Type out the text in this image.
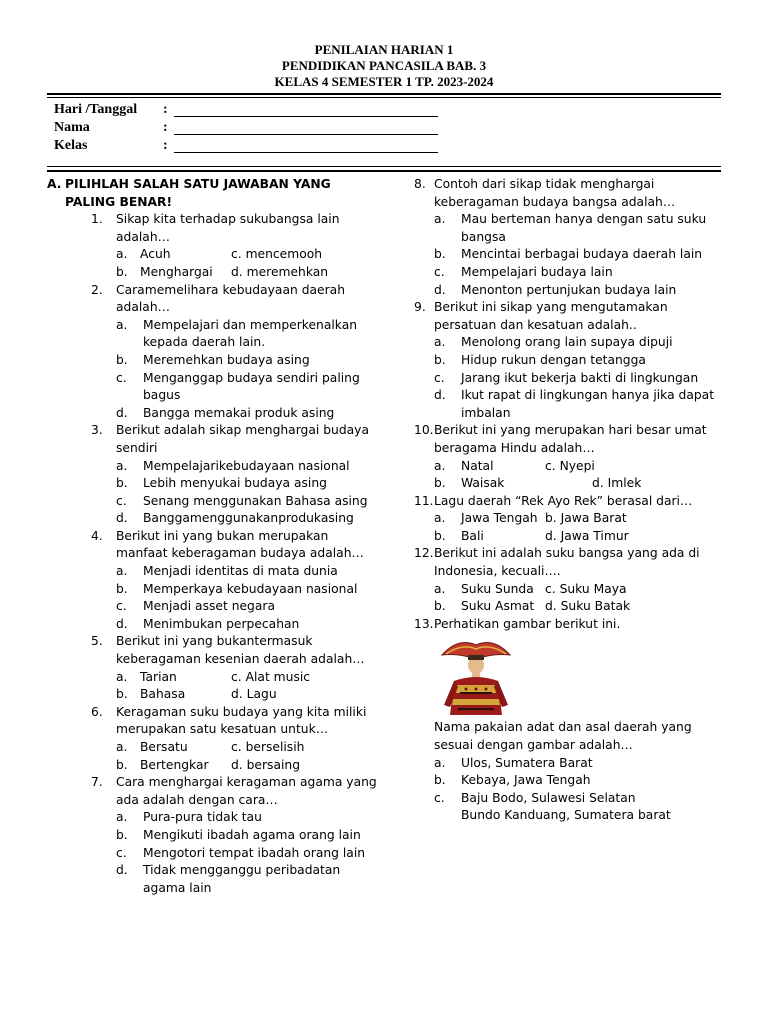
PENILAIAN HARIAN 1
PENDIDIKAN PANCASILA BAB. 3
KELAS 4 SEMESTER 1 TP. 2023-2024
Hari /Tanggal :
Nama	:
Kelas	:
A. PILIHLAH SALAH SATU JAWABAN YANG PALING BENAR!
1. Sikap kita terhadap sukubangsa lain adalah…
a. Acuh	c. mencemooh
b. Menghargai d. meremehkan
2. Caramemelihara kebudayaan daerah adalah…
a. Mempelajari dan memperkenalkan kepada daerah lain.
b. Meremehkan budaya asing
c. Menganggap budaya sendiri paling bagus
d. Bangga memakai produk asing
3. Berikut adalah sikap menghargai budaya sendiri
a. Mempelajarikebudayaan nasional
b. Lebih menyukai budaya asing
c. Senang menggunakan Bahasa asing
d. Banggamenggunakanprodukasing
4. Berikut ini yang bukan merupakan manfaat keberagaman budaya adalah…
a. Menjadi identitas di mata dunia
b. Memperkaya kebudayaan nasional
c. Menjadi asset negara
d. Menimbukan perpecahan
5. Berikut ini yang bukantermasuk keberagaman kesenian daerah adalah…
a. Tarian	c. Alat music
b. Bahasa	d. Lagu
6. Keragaman suku budaya yang kita miliki merupakan satu kesatuan untuk…
a. Bersatu	c. berselisih
b. Bertengkar d. bersaing
7. Cara menghargai keragaman agama yang ada adalah dengan cara…
a. Pura-pura tidak tau
b. Mengikuti ibadah agama orang lain
c. Mengotori tempat ibadah orang lain
d. Tidak mengganggu peribadatan agama lain
8. Contoh dari sikap tidak menghargai keberagaman budaya bangsa adalah…
a. Mau berteman hanya dengan satu suku bangsa
b. Mencintai berbagai budaya daerah lain
c. Mempelajari budaya lain
d. Menonton pertunjukan budaya lain
9. Berikut ini sikap yang mengutamakan persatuan dan kesatuan adalah..
a. Menolong orang lain supaya dipuji
b. Hidup rukun dengan tetangga
c. Jarang ikut bekerja bakti di lingkungan
d. Ikut rapat di lingkungan hanya jika dapat imbalan
10. Berikut ini yang merupakan hari besar umat beragama Hindu adalah…
a. Natal	c. Nyepi
b. Waisak	d. Imlek
11. Lagu daerah “Rek Ayo Rek” berasal dari…
a. Jawa Tengah b. Jawa Barat
b. Bali	d. Jawa Timur
12. Berikut ini adalah suku bangsa yang ada di Indonesia, kecuali….
a. Suku Sunda c. Suku Maya
b. Suku Asmat d. Suku Batak
13. Perhatikan gambar berikut ini.
Nama pakaian adat dan asal daerah yang sesuai dengan gambar adalah…
a. Ulos, Sumatera Barat
b. Kebaya, Jawa Tengah
c. Baju Bodo, Sulawesi Selatan
Bundo Kanduang, Sumatera barat
